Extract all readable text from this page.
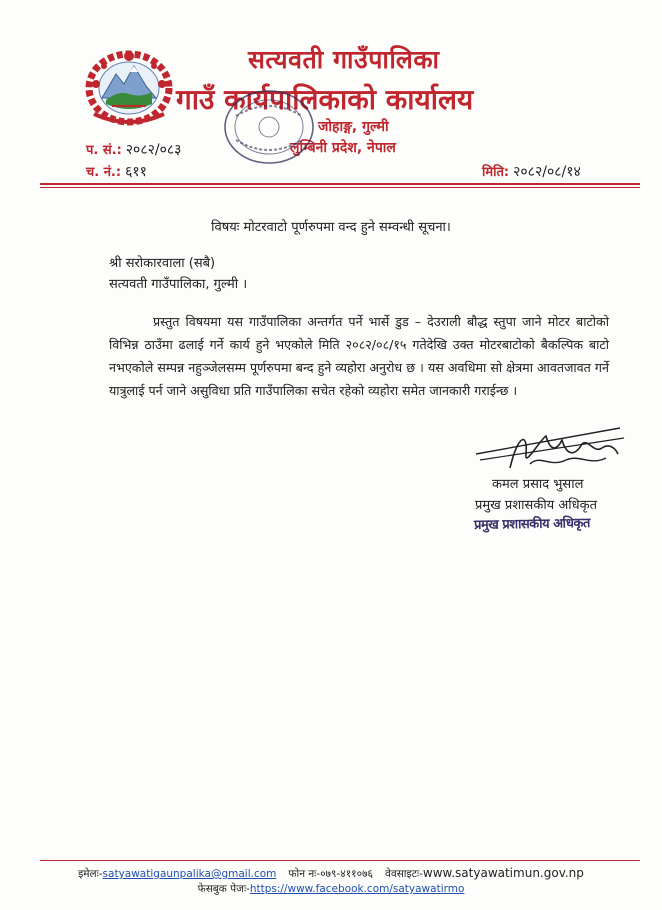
सत्यवती गाउँपालिका
गाउँ कार्यपालिकाको कार्यालय
जोहाङ्ग, गुल्मी
लुम्बिनी प्रदेश, नेपाल
प. सं.: २०८२/०८३
च. नं.: ६११	मिति: २०८२/०८/१४
विषयः मोटरवाटो पूर्णरुपमा वन्द हुने सम्वन्धी सूचना।
श्री सरोकारवाला (सबै)
सत्यवती गाउँपालिका, गुल्मी ।

प्रस्तुत विषयमा यस गाउँपालिका अन्तर्गत पर्ने भार्से डुड – देउराली बौद्ध स्तुपा जाने मोटर बाटोको विभिन्न ठाउँमा ढलाई गर्ने कार्य हुने भएकोले मिति २०८२/०८/१५ गतेदेखि उक्त मोटरबाटोको बैकल्पिक बाटो नभएकोले सम्पन्न नहुञ्जेलसम्म पूर्णरुपमा बन्द हुने व्यहोरा अनुरोध छ । यस अवधिमा सो क्षेत्रमा आवतजावत गर्ने यात्रुलाई पर्न जाने असुविधा प्रति गाउँपालिका सचेत रहेको व्यहोरा समेत जानकारी गराईन्छ ।

कमल प्रसाद भुसाल
प्रमुख प्रशासकीय अधिकृत
प्रमुख प्रशासकीय अधिकृत
इमेलः-satyawatigaunpalika@gmail.com फोन नः-०७९-४११०७६ वेवसाइटः-www.satyawatimun.gov.np
फेसबुक पेजः-https://www.facebook.com/satyawatirmo
